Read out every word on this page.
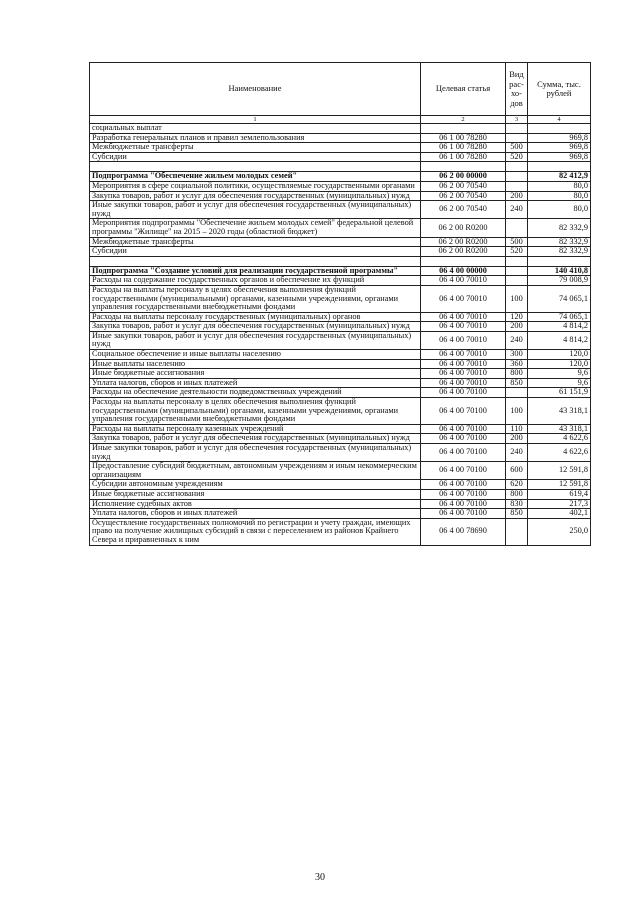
Наименование	Целевая статья	Вид рас- хо- дов	Сумма, тыс. рублей
1	2	3	4
социальных выплат			
Разработка генеральных планов и правил землепользования	06 1 00 78280		969,8
Межбюджетные трансферты	06 1 00 78280	500	969,8
Субсидии	06 1 00 78280	520	969,8

Подпрограмма "Обеспечение жильем молодых семей"	06 2 00 00000		82 412,9
Мероприятия в сфере социальной политики, осуществляемые государственными органами	06 2 00 70540		80,0
Закупка товаров, работ и услуг для обеспечения государственных (муниципальных) нужд	06 2 00 70540	200	80,0
Иные закупки товаров, работ и услуг для обеспечения государственных (муниципальных) нужд	06 2 00 70540	240	80,0
Мероприятия подпрограммы "Обеспечение жильем молодых семей" федеральной целевой программы "Жилище" на 2015 – 2020 годы (областной бюджет)	06 2 00 R0200		82 332,9
Межбюджетные трансферты	06 2 00 R0200	500	82 332,9
Субсидии	06 2 00 R0200	520	82 332,9

Подпрограмма "Создание условий для реализации государственной программы"	06 4 00 00000		140 410,8
Расходы на содержание государственных органов и обеспечение их функций	06 4 00 70010		79 008,9
Расходы на выплаты персоналу в целях обеспечения выполнения функций государственными (муниципальными) органами, казенными учреждениями, органами управления государственными внебюджетными фондами	06 4 00 70010	100	74 065,1
Расходы на выплаты персоналу государственных (муниципальных) органов	06 4 00 70010	120	74 065,1
Закупка товаров, работ и услуг для обеспечения государственных (муниципальных) нужд	06 4 00 70010	200	4 814,2
Иные закупки товаров, работ и услуг для обеспечения государственных (муниципальных) нужд	06 4 00 70010	240	4 814,2
Социальное обеспечение и иные выплаты населению	06 4 00 70010	300	120,0
Иные выплаты населению	06 4 00 70010	360	120,0
Иные бюджетные ассигнования	06 4 00 70010	800	9,6
Уплата налогов, сборов и иных платежей	06 4 00 70010	850	9,6
Расходы на обеспечение деятельности подведомственных учреждений	06 4 00 70100		61 151,9
Расходы на выплаты персоналу в целях обеспечения выполнения функций государственными (муниципальными) органами, казенными учреждениями, органами управления государственными внебюджетными фондами	06 4 00 70100	100	43 318,1
Расходы на выплаты персоналу казенных учреждений	06 4 00 70100	110	43 318,1
Закупка товаров, работ и услуг для обеспечения государственных (муниципальных) нужд	06 4 00 70100	200	4 622,6
Иные закупки товаров, работ и услуг для обеспечения государственных (муниципальных) нужд	06 4 00 70100	240	4 622,6
Предоставление субсидий бюджетным, автономным учреждениям и иным некоммерческим организациям	06 4 00 70100	600	12 591,8
Субсидии автономным учреждениям	06 4 00 70100	620	12 591,8
Иные бюджетные ассигнования	06 4 00 70100	800	619,4
Исполнение судебных актов	06 4 00 70100	830	217,3
Уплата налогов, сборов и иных платежей	06 4 00 70100	850	402,1
Осуществление государственных полномочий по регистрации и учету граждан, имеющих право на получение жилищных субсидий в связи с переселением из районов Крайнего Севера и приравненных к ним	06 4 00 78690		250,0
30
